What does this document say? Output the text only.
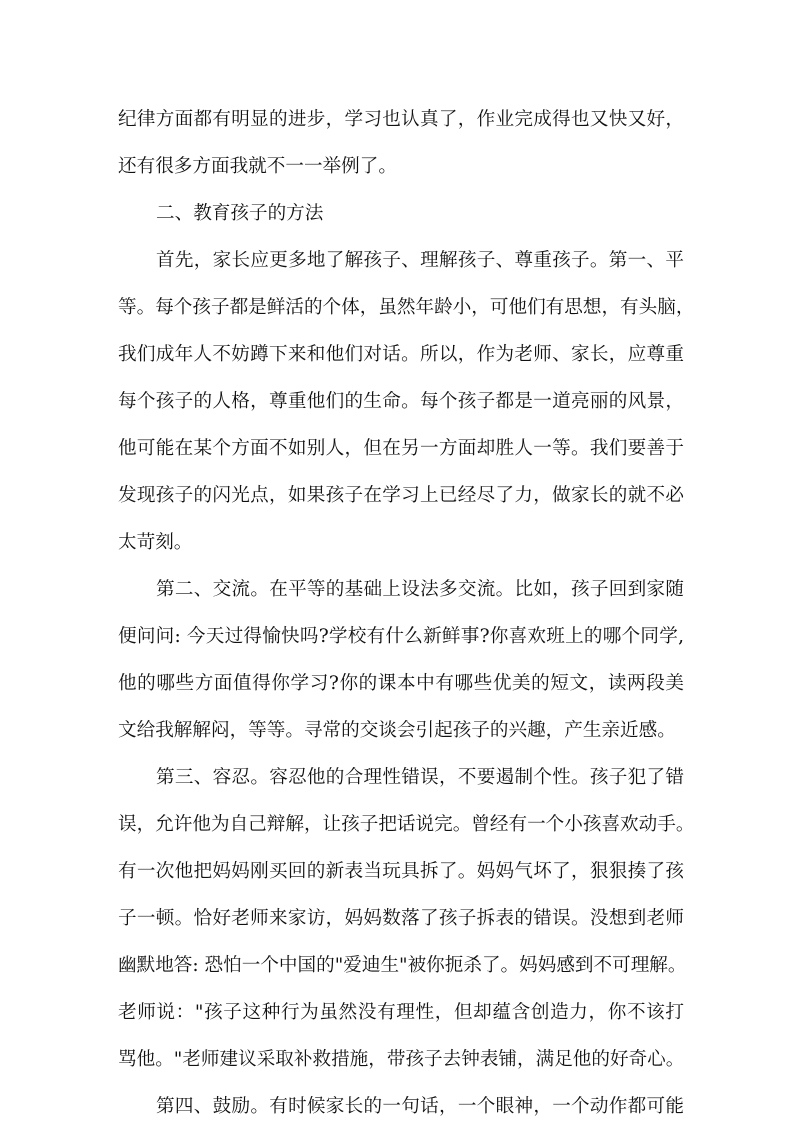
纪律方面都有明显的进步，学习也认真了，作业完成得也又快又好，
还有很多方面我就不一一举例了。
二、教育孩子的方法
首先，家长应更多地了解孩子、理解孩子、尊重孩子。第一、平
等。每个孩子都是鲜活的个体，虽然年龄小，可他们有思想，有头脑，
我们成年人不妨蹲下来和他们对话。所以，作为老师、家长，应尊重
每个孩子的人格，尊重他们的生命。每个孩子都是一道亮丽的风景，
他可能在某个方面不如别人，但在另一方面却胜人一等。我们要善于
发现孩子的闪光点，如果孩子在学习上已经尽了力，做家长的就不必
太苛刻。
第二、交流。在平等的基础上设法多交流。比如，孩子回到家随
便问问: 今天过得愉快吗?学校有什么新鲜事?你喜欢班上的哪个同学,
他的哪些方面值得你学习?你的课本中有哪些优美的短文，读两段美
文给我解解闷，等等。寻常的交谈会引起孩子的兴趣，产生亲近感。
第三、容忍。容忍他的合理性错误，不要遏制个性。孩子犯了错
误，允许他为自己辩解，让孩子把话说完。曾经有一个小孩喜欢动手。
有一次他把妈妈刚买回的新表当玩具拆了。妈妈气坏了，狠狠揍了孩
子一顿。恰好老师来家访，妈妈数落了孩子拆表的错误。没想到老师
幽默地答: 恐怕一个中国的"爱迪生"被你扼杀了。妈妈感到不可理解。
老师说："孩子这种行为虽然没有理性，但却蕴含创造力，你不该打
骂他。"老师建议采取补救措施，带孩子去钟表铺，满足他的好奇心。
第四、鼓励。有时候家长的一句话，一个眼神，一个动作都可能
